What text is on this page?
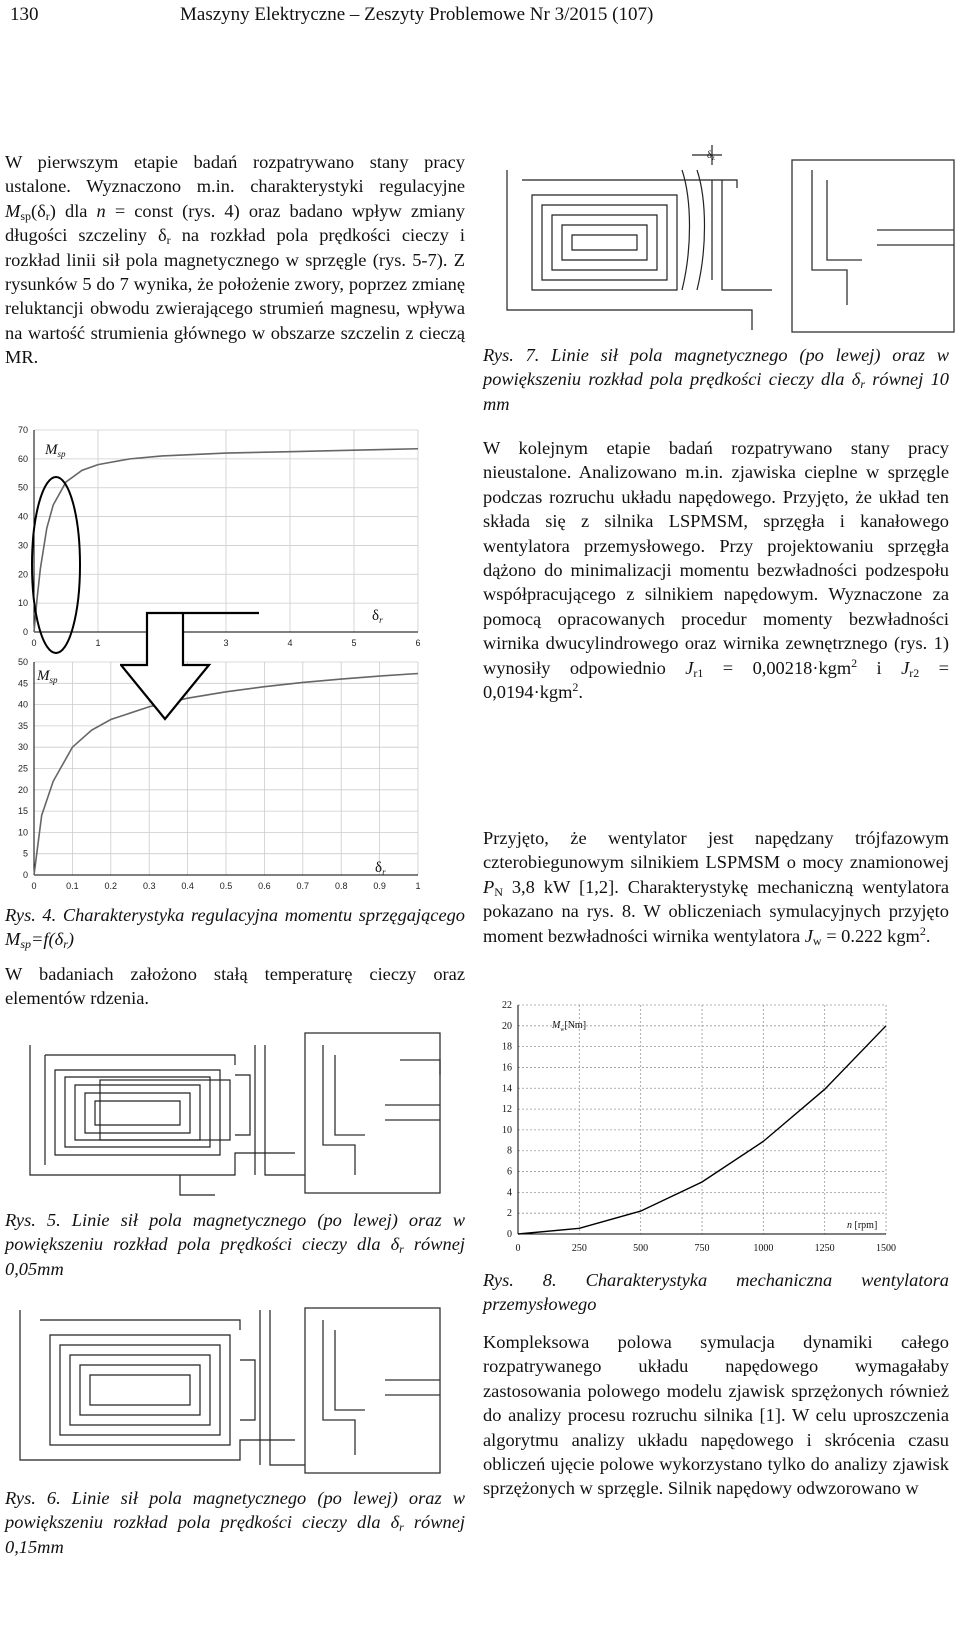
130	Maszyny Elektryczne – Zeszyty Problemowe Nr 3/2015 (107)

W pierwszym etapie badań rozpatrywano stany pracy ustalone. Wyznaczono m.in. charakterystyki regulacyjne $M_{sp}(\delta_r)$ dla n = const (rys. 4) oraz badano wpływ zmiany długości szczeliny $\delta_r$ na rozkład pola prędkości cieczy i rozkład linii sił pola magnetycznego w sprzęgle (rys. 5-7). Z rysunków 5 do 7 wynika, że położenie zwory, poprzez zmianę reluktancji obwodu zwierającego strumień magnesu, wpływa na wartość strumienia głównego w obszarze szczelin z cieczą MR.

0
10
20
30
40
50
60
70
0	1	3	4	5	6
$M_{sp}$
$\delta_r$
0
5
10
15
20
25
30
35
40
45
50
0	0.1	0.2	0.3	0.4	0.5	0.6	0.7	0.8	0.9	1
$M_{sp}$
$\delta_r$
Rys. 4. Charakterystyka regulacyjna momentu sprzęgającego $M_{sp}=f(\delta_r)$

W badaniach założono stałą temperaturę cieczy oraz elementów rdzenia.

Rys. 5. Linie sił pola magnetycznego (po lewej) oraz w powiększeniu rozkład pola prędkości cieczy dla $\delta_r$ równej 0,05mm
Rys. 6. Linie sił pola magnetycznego (po lewej) oraz w powiększeniu rozkład pola prędkości cieczy dla $\delta_r$ równej 0,15mm
$\delta_z$
Rys. 7. Linie sił pola magnetycznego (po lewej) oraz w powiększeniu rozkład pola prędkości cieczy dla $\delta_r$ równej 10 mm

W kolejnym etapie badań rozpatrywano stany pracy nieustalone. Analizowano m.in. zjawiska cieplne w sprzęgle podczas rozruchu układu napędowego. Przyjęto, że układ ten składa się z silnika LSPMSM, sprzęgła i kanałowego wentylatora przemysłowego. Przy projektowaniu sprzęgła dążono do minimalizacji momentu bezwładności podzespołu współpracującego z silnikiem napędowym. Wyznaczone za pomocą opracowanych procedur momenty bezwładności wirnika dwucylindrowego oraz wirnika zewnętrznego (rys. 1) wynosiły odpowiednio $J_{r1} = 0,00218\cdot kgm^2$ i $J_{r2} = 0,0194\cdot kgm^2$.

Przyjęto, że wentylator jest napędzany trójfazowym czterobiegunowym silnikiem LSPMSM o mocy znamionowej $P_N$ 3,8 kW [1,2]. Charakterystykę mechaniczną wentylatora pokazano na rys. 8. W obliczeniach symulacyjnych przyjęto moment bezwładności wirnika wentylatora $J_w = 0.222$ kgm$^2$.

0
2
4
6
8
10
12
14
16
18
20
22
0	250	500	750	1000	1250	1500
$M_w[Nm]$
n [rpm]
Rys. 8. Charakterystyka mechaniczna wentylatora przemysłowego

Kompleksowa polowa symulacja dynamiki całego rozpatrywanego układu napędowego wymagałaby zastosowania polowego modelu zjawisk sprzężonych również do analizy procesu rozruchu silnika [1]. W celu uproszczenia algorytmu analizy układu napędowego i skrócenia czasu obliczeń ujęcie polowe wykorzystano tylko do analizy zjawisk sprzężonych w sprzęgle. Silnik napędowy odwzorowano w
